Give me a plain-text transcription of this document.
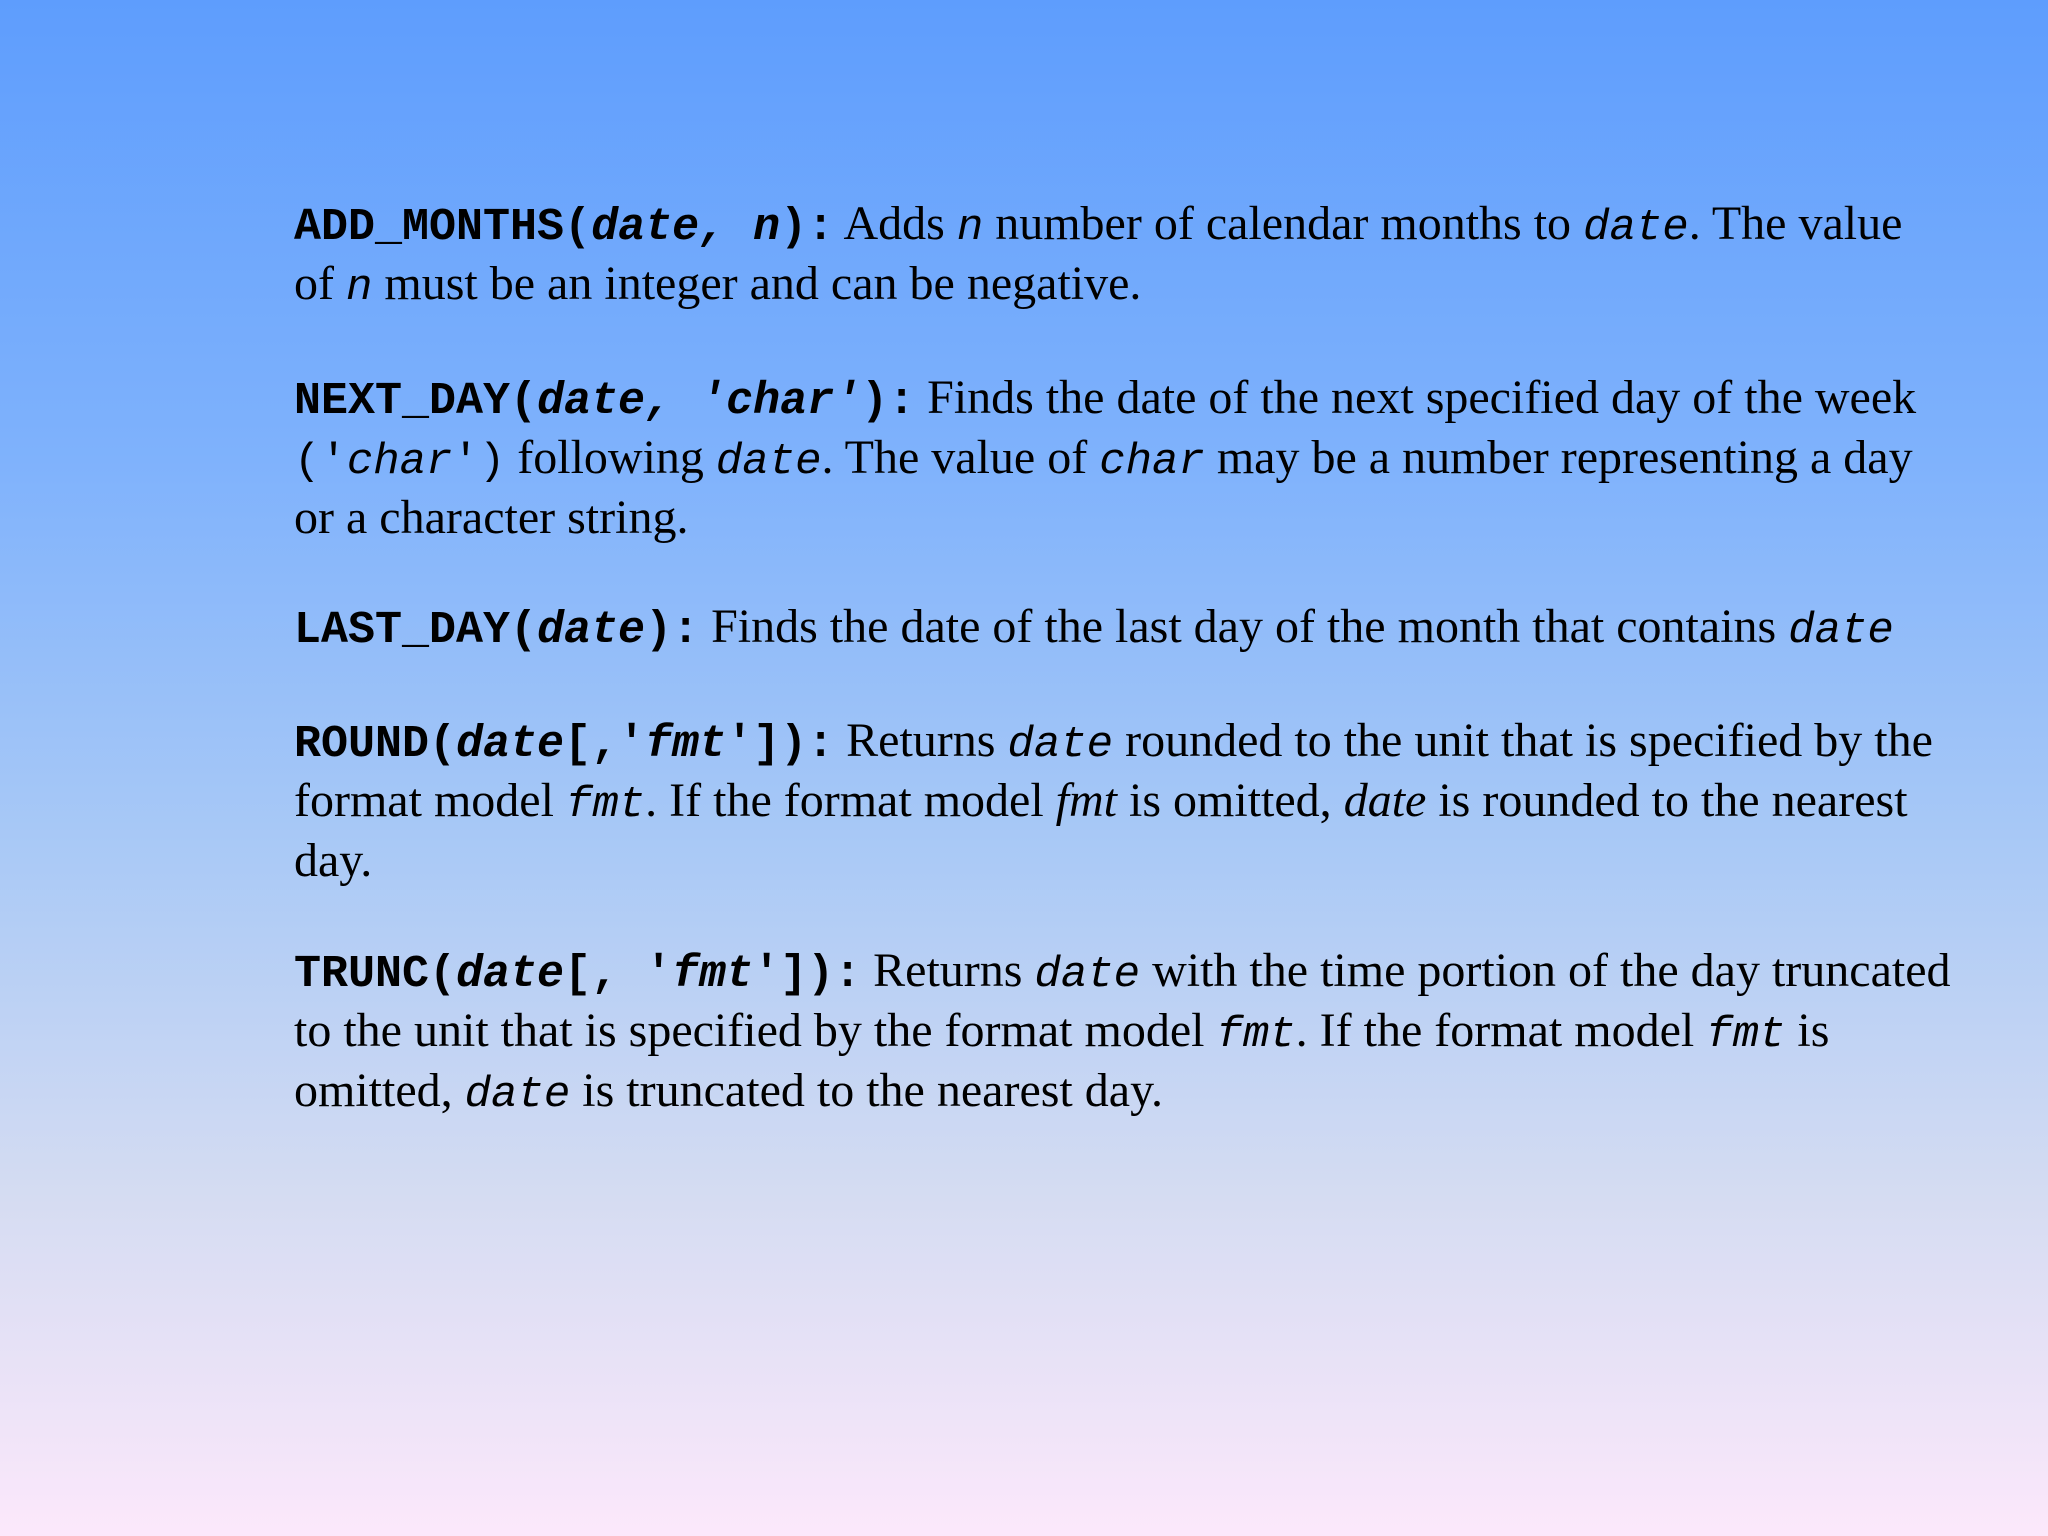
ADD_MONTHS(date, n): Adds n number of calendar months to date. The value of n must be an integer and can be negative.

NEXT_DAY(date, 'char'): Finds the date of the next specified day of the week ('char') following date. The value of char may be a number representing a day or a character string.

LAST_DAY(date): Finds the date of the last day of the month that contains date

ROUND(date[,'fmt']): Returns date rounded to the unit that is specified by the format model fmt. If the format model fmt is omitted, date is rounded to the nearest day.

TRUNC(date[, 'fmt']): Returns date with the time portion of the day truncated to the unit that is specified by the format model fmt. If the format model fmt is omitted, date is truncated to the nearest day.
